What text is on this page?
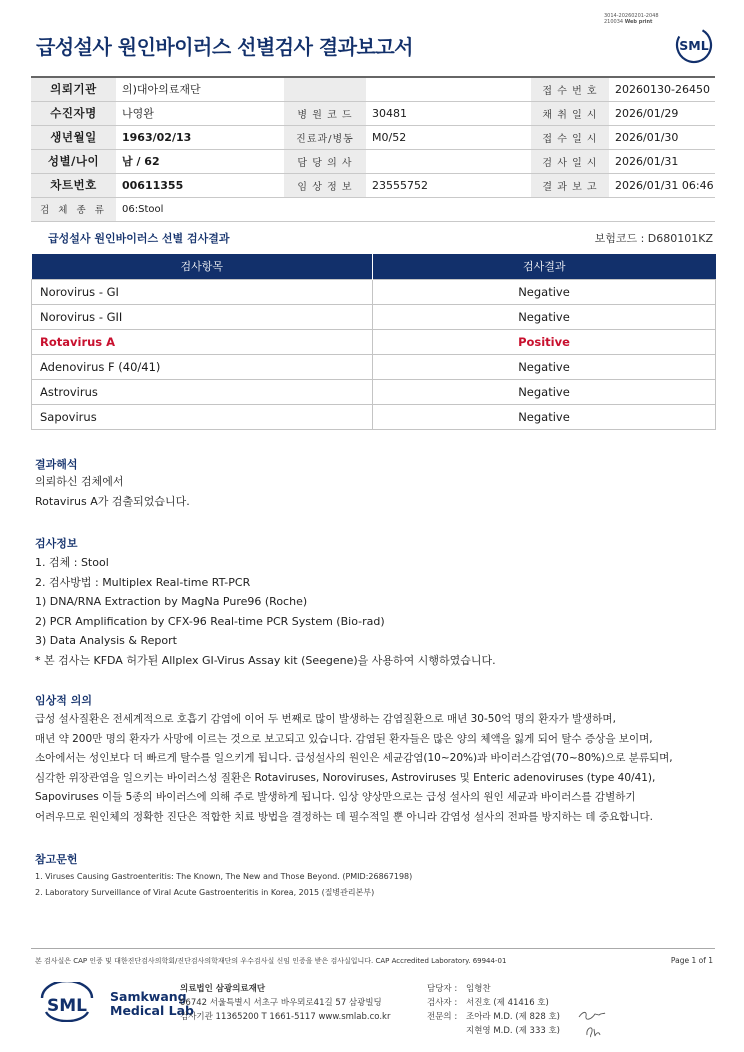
3014-20260201-2048
210034 Web print
급성설사 원인바이러스 선별검사 결과보고서	SML
의뢰기관	의)대아의료재단			접 수 번 호	20260130-26450
수진자명	나영완	병 원 코 드	30481	채 취 일 시	2026/01/29
생년월일	1963/02/13	진료과/병동	M0/52	접 수 일 시	2026/01/30
성별/나이	남 / 62	담 당 의 사		검 사 일 시	2026/01/31
차트번호	00611355	임 상 정 보	23555752	결 과 보 고	2026/01/31 06:46
검 체 종 류	06:Stool				
급성설사 원인바이러스 선별 검사결과	보험코드 : D680101KZ
검사항목	검사결과
Norovirus - GI	Negative
Norovirus - GII	Negative
Rotavirus A	Positive
Adenovirus F (40/41)	Negative
Astrovirus	Negative
Sapovirus	Negative
결과해석
의뢰하신 검체에서
Rotavirus A가 검출되었습니다.
검사정보
1. 검체 : Stool
2. 검사방법 : Multiplex Real-time RT-PCR
1) DNA/RNA Extraction by MagNa Pure96 (Roche)
2) PCR Amplification by CFX-96 Real-time PCR System (Bio-rad)
3) Data Analysis & Report
* 본 검사는 KFDA 허가된 Allplex GI-Virus Assay kit (Seegene)을 사용하여 시행하였습니다.
임상적 의의
급성 설사질환은 전세계적으로 호흡기 감염에 이어 두 번째로 많이 발생하는 감염질환으로 매년 30-50억 명의 환자가 발생하며,
매년 약 200만 명의 환자가 사망에 이르는 것으로 보고되고 있습니다. 감염된 환자들은 많은 양의 체액을 잃게 되어 탈수 증상을 보이며,
소아에서는 성인보다 더 빠르게 탈수를 일으키게 됩니다. 급성설사의 원인은 세균감염(10~20%)과 바이러스감염(70~80%)으로 분류되며,
심각한 위장관염을 일으키는 바이러스성 질환은 Rotaviruses, Noroviruses, Astroviruses 및 Enteric adenoviruses (type 40/41),
Sapoviruses 이들 5종의 바이러스에 의해 주로 발생하게 됩니다. 임상 양상만으로는 급성 설사의 원인 세균과 바이러스를 감별하기
어려우므로 원인체의 정확한 진단은 적합한 치료 방법을 결정하는 데 필수적일 뿐 아니라 감염성 설사의 전파를 방지하는 데 중요합니다.
참고문헌
1. Viruses Causing Gastroenteritis: The Known, The New and Those Beyond. (PMID:26867198)
2. Laboratory Surveillance of Viral Acute Gastroenteritis in Korea, 2015 (질병관리본부)
본 검사실은 CAP 인증 및 대한진단검사의학회/진단검사의학재단의 우수검사실 신임 인증을 받은 검사실입니다. CAP Accredited Laboratory. 69944-01	Page 1 of 1
SML Samkwang
Medical Lab
의료법인 삼광의료재단
06742 서울특별시 서초구 바우뫼로41길 57 삼광빌딩
검사기관 11365200 T 1661-5117 www.smlab.co.kr
담당자 :	임형찬
검사자 :	서진호 (제 41416 호)
전문의 :	조아라 M.D. (제 828 호)
지현영 M.D. (제 333 호)
